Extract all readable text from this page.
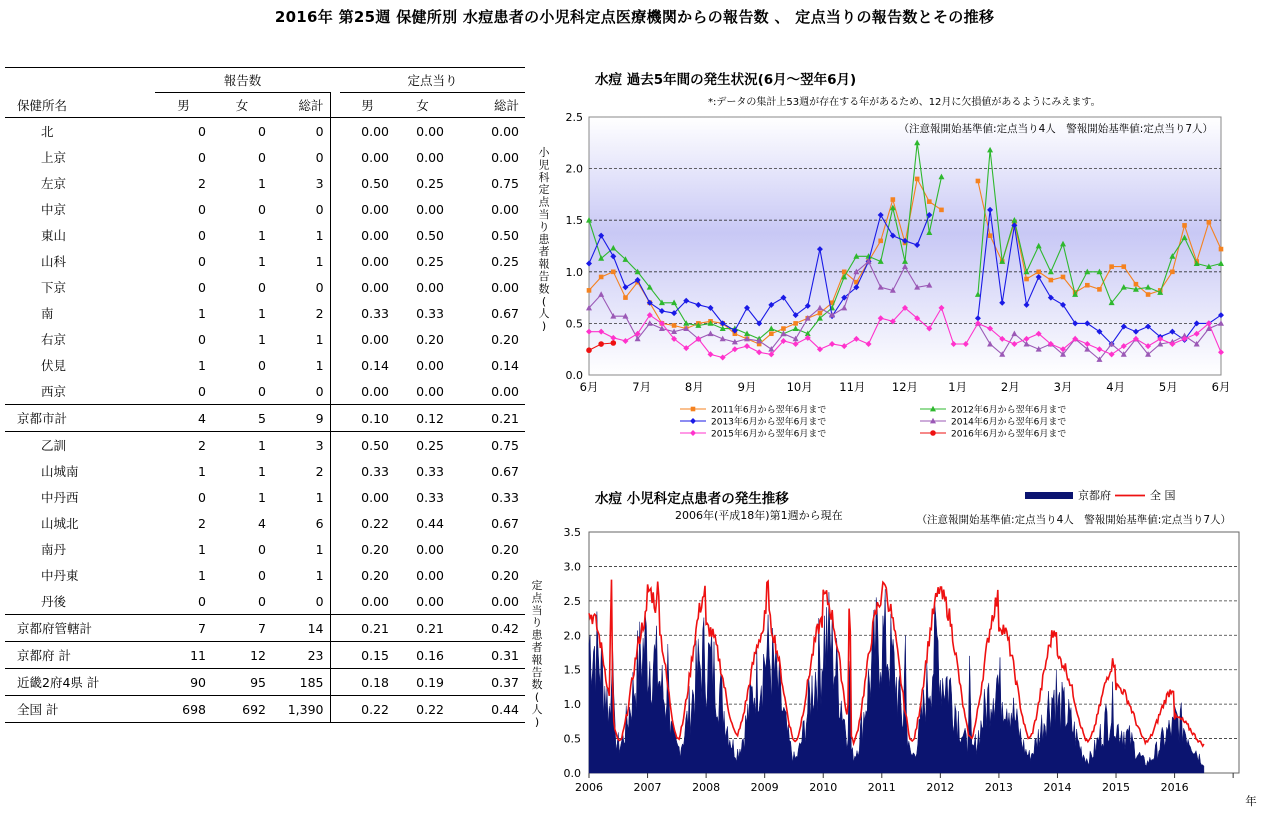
2016年 第25週 保健所別 水痘患者の小児科定点医療機関からの報告数 、 定点当りの報告数とその推移
	報告数				定点当り		
保健所名	男	女	総計		男	女	総計
北	0	0	0		0.00	0.00	0.00
上京	0	0	0		0.00	0.00	0.00
左京	2	1	3		0.50	0.25	0.75
中京	0	0	0		0.00	0.00	0.00
東山	0	1	1		0.00	0.50	0.50
山科	0	1	1		0.00	0.25	0.25
下京	0	0	0		0.00	0.00	0.00
南	1	1	2		0.33	0.33	0.67
右京	0	1	1		0.00	0.20	0.20
伏見	1	0	1		0.14	0.00	0.14
西京	0	0	0		0.00	0.00	0.00
京都市計	4	5	9		0.10	0.12	0.21
乙訓	2	1	3		0.50	0.25	0.75
山城南	1	1	2		0.33	0.33	0.67
中丹西	0	1	1		0.00	0.33	0.33
山城北	2	4	6		0.22	0.44	0.67
南丹	1	0	1		0.20	0.00	0.20
中丹東	1	0	1		0.20	0.00	0.20
丹後	0	0	0		0.00	0.00	0.00
京都府管轄計	7	7	14		0.21	0.21	0.42
京都府 計	11	12	23		0.15	0.16	0.31
近畿2府4県 計	90	95	185		0.18	0.19	0.37
全国 計	698	692	1,390		0.22	0.22	0.44
水痘 過去5年間の発生状況(6月～翌年6月)
*:データの集計上53週が存在する年があるため、12月に欠損値があるようにみえます。
0.0
0.5
1.0
1.5
2.0
2.5
6月	7月	8月	9月	10月 11月 12月	1月	2月	3月	4月	5月	6月
小
児
科
定
点
当
り
患
者
報
告
数
(
人
)
（注意報開始基準値:定点当り4人　警報開始基準値:定点当り7人）
2011年6月から翌年6月まで	2012年6月から翌年6月まで
2013年6月から翌年6月まで	2014年6月から翌年6月まで
2015年6月から翌年6月まで	2016年6月から翌年6月まで
水痘 小児科定点患者の発生推移
2006年(平成18年)第1週から現在
0.0
0.5
1.0
1.5
2.0
2.5
3.0
3.5
2006	2007	2008	2009	2010	2011	2012	2013	2014	2015	2016
年
定
点
当
り
患
者
報
告
数
(
人
)
（注意報開始基準値:定点当り4人　警報開始基準値:定点当り7人）
京都府	全 国
